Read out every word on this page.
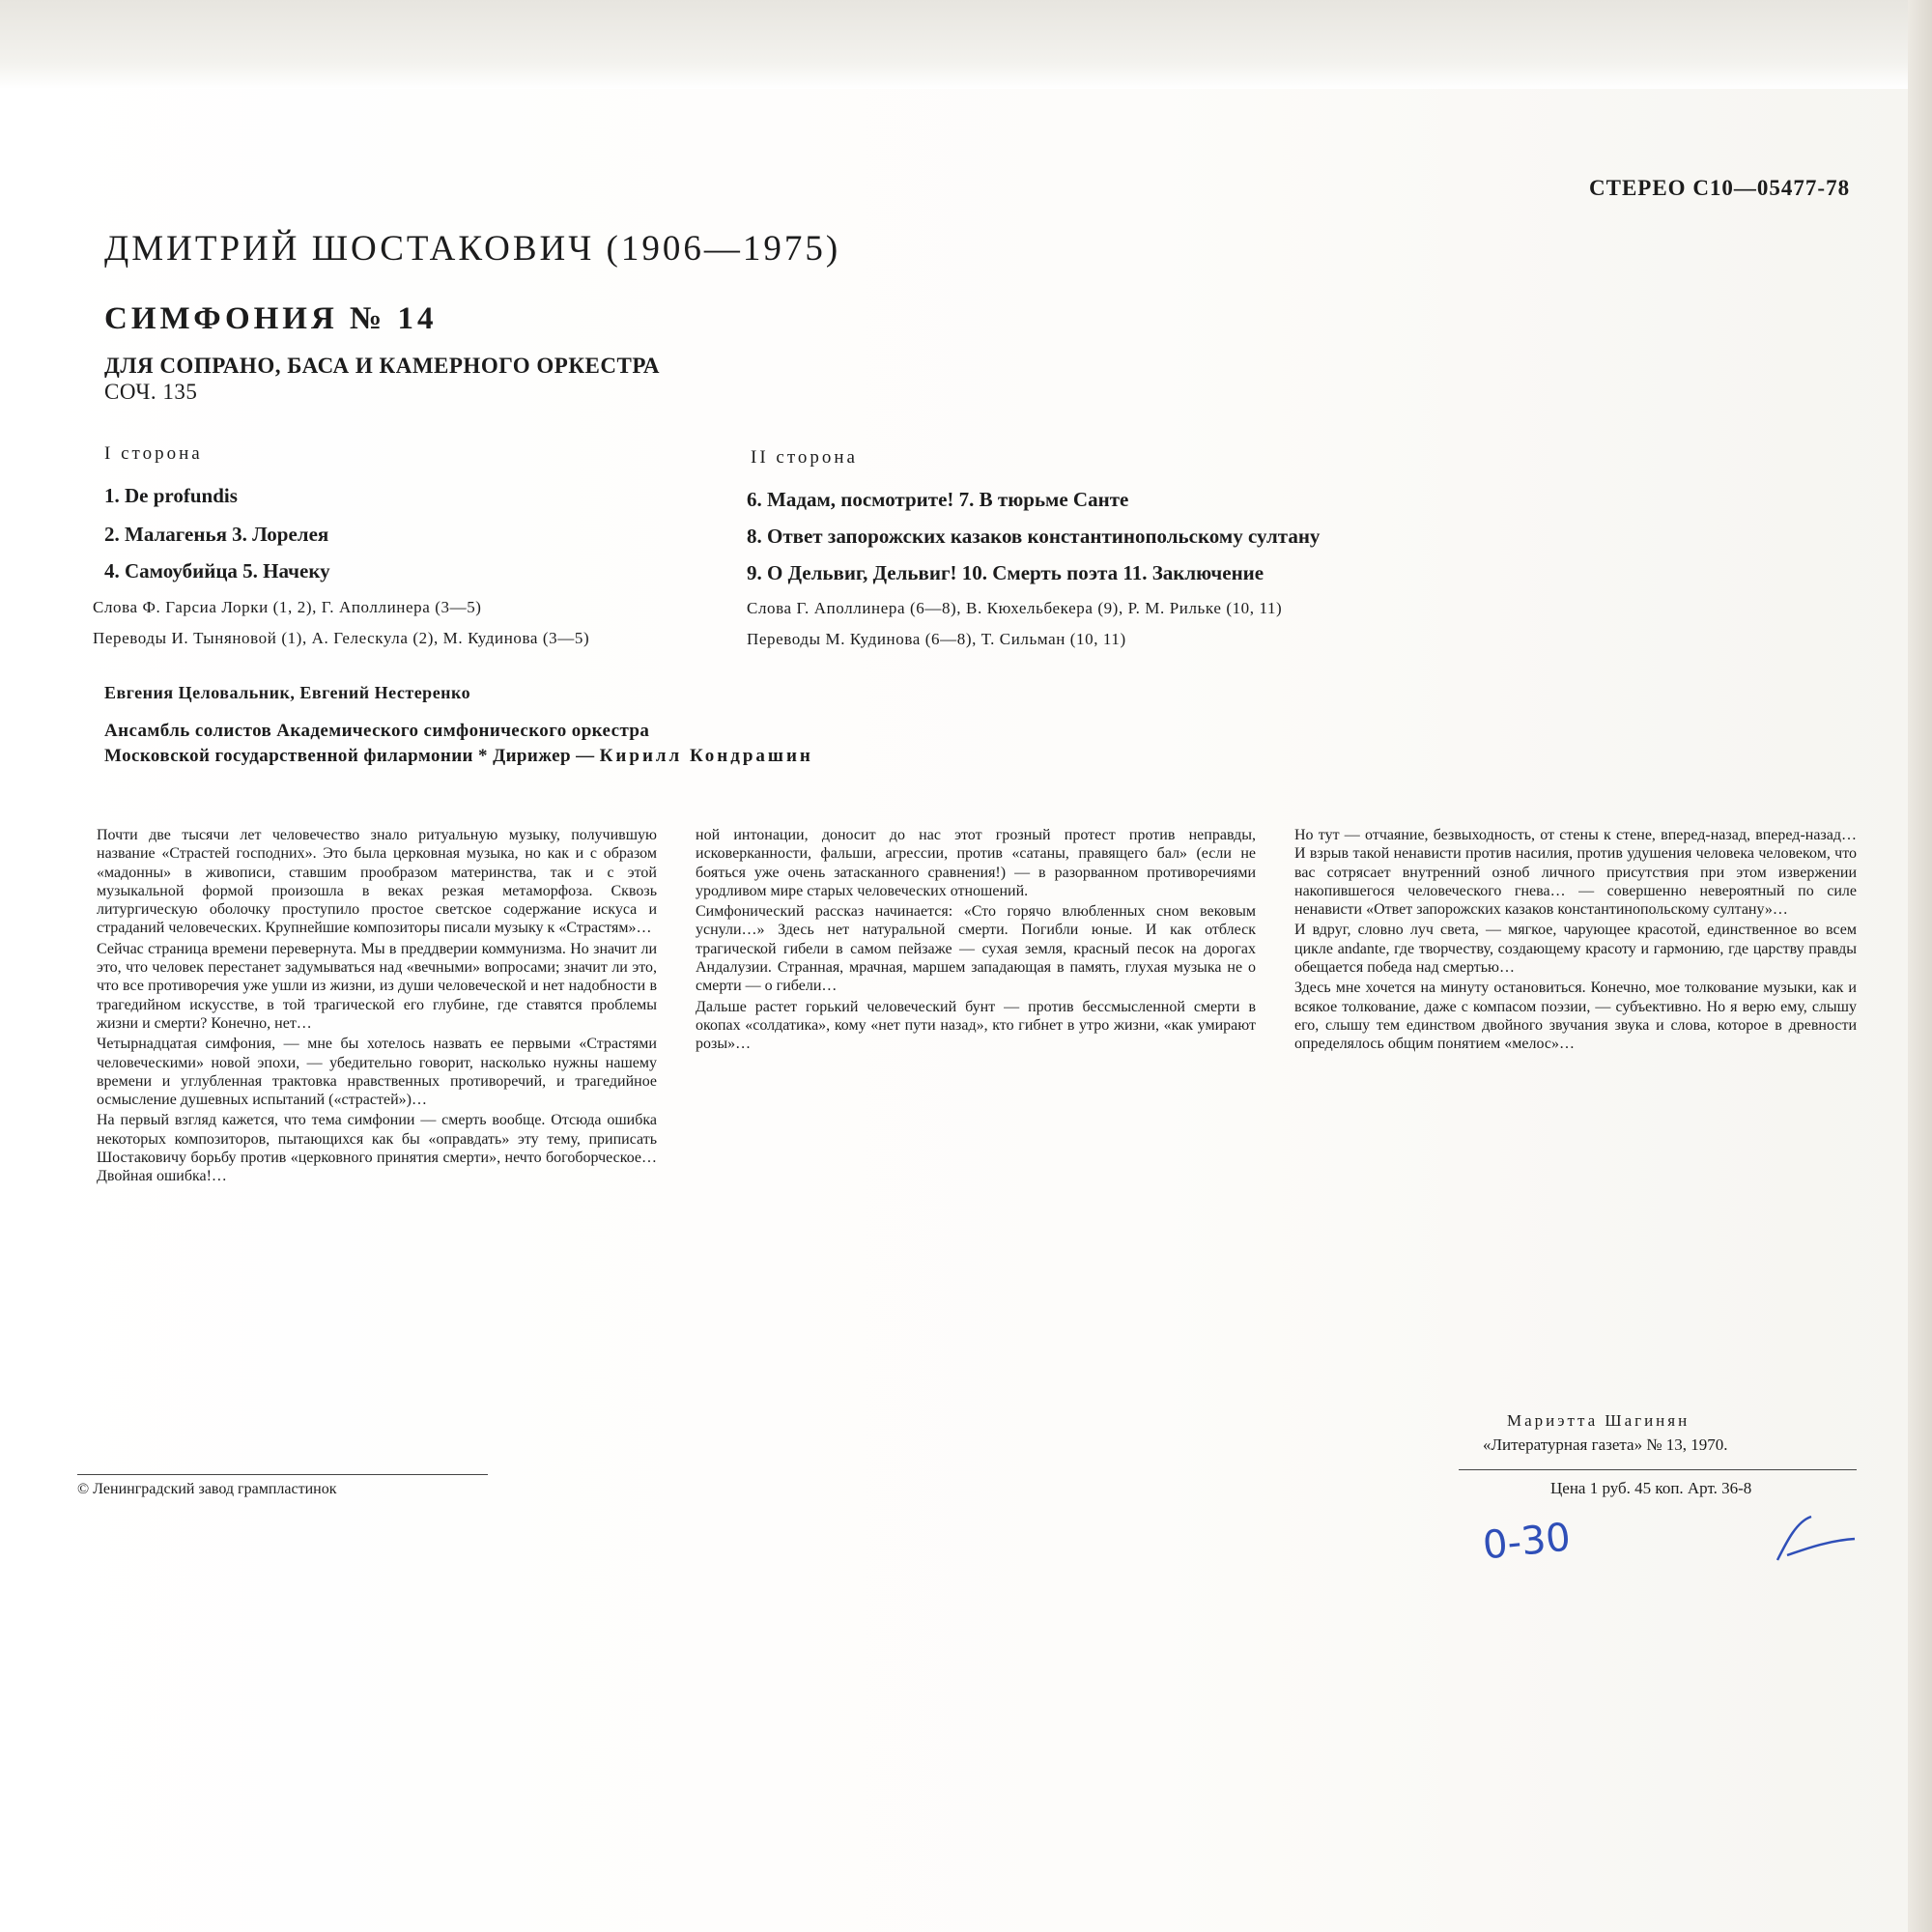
СТЕРЕО С10—05477-78
ДМИТРИЙ ШОСТАКОВИЧ (1906—1975)
СИМФОНИЯ № 14
ДЛЯ СОПРАНО, БАСА И КАМЕРНОГО ОРКЕСТРА
СОЧ. 135
I сторона
1. De profundis
2. Малагенья 3. Лорелея
4. Самоубийца 5. Начеку
Слова Ф. Гарсиа Лорки (1, 2), Г. Аполлинера (3—5)
Переводы И. Тыняновой (1), А. Гелескула (2), М. Кудинова (3—5)
II сторона
6. Мадам, посмотрите! 7. В тюрьме Санте
8. Ответ запорожских казаков константинопольскому султану
9. О Дельвиг, Дельвиг! 10. Смерть поэта 11. Заключение
Слова Г. Аполлинера (6—8), В. Кюхельбекера (9), Р. М. Рильке (10, 11)
Переводы М. Кудинова (6—8), Т. Сильман (10, 11)
Евгения Целовальник, Евгений Нестеренко
Ансамбль солистов Академического симфонического оркестра
Московской государственной филармонии * Дирижер — Кирилл Кондрашин

Почти две тысячи лет человечество знало ритуальную музыку, получившую название «Страстей господних». Это была церковная музыка, но как и с образом «мадонны» в живописи, ставшим прообразом материнства, так и с этой музыкальной формой произошла в веках резкая метаморфоза. Сквозь литургическую оболочку проступило простое светское содержание искуса и страданий человеческих. Крупнейшие композиторы писали музыку к «Страстям»…

Сейчас страница времени перевернута. Мы в преддверии коммунизма. Но значит ли это, что человек перестанет задумываться над «вечными» вопросами; значит ли это, что все противоречия уже ушли из жизни, из души человеческой и нет надобности в трагедийном искусстве, в той трагической его глубине, где ставятся проблемы жизни и смерти? Конечно, нет…

Четырнадцатая симфония, — мне бы хотелось назвать ее первыми «Страстями человеческими» новой эпохи, — убедительно говорит, насколько нужны нашему времени и углубленная трактовка нравственных противоречий, и трагедийное осмысление душевных испытаний («страстей»)…

На первый взгляд кажется, что тема симфонии — смерть вообще. Отсюда ошибка некоторых композиторов, пытающихся как бы «оправдать» эту тему, приписать Шостаковичу борьбу против «церковного принятия смерти», нечто богоборческое… Двойная ошибка!…

ной интонации, доносит до нас этот грозный протест против неправды, исковерканности, фальши, агрессии, против «сатаны, правящего бал» (если не бояться уже очень затасканного сравнения!) — в разорванном противоречиями уродливом мире старых человеческих отношений.

Симфонический рассказ начинается: «Сто горячо влюбленных сном вековым уснули…» Здесь нет натуральной смерти. Погибли юные. И как отблеск трагической гибели в самом пейзаже — сухая земля, красный песок на дорогах Андалузии. Странная, мрачная, маршем западающая в память, глухая музыка не о смерти — о гибели…

Дальше растет горький человеческий бунт — против бессмысленной смерти в окопах «солдатика», кому «нет пути назад», кто гибнет в утро жизни, «как умирают розы»…

Но тут — отчаяние, безвыходность, от стены к стене, вперед-назад, вперед-назад… И взрыв такой ненависти против насилия, против удушения человека человеком, что вас сотрясает внутренний озноб личного присутствия при этом извержении накопившегося человеческого гнева… — совершенно невероятный по силе ненависти «Ответ запорожских казаков константинопольскому султану»…

И вдруг, словно луч света, — мягкое, чарующее красотой, единственное во всем цикле andante, где творчеству, создающему красоту и гармонию, где царству правды обещается победа над смертью…

Здесь мне хочется на минуту остановиться. Конечно, мое толкование музыки, как и всякое толкование, даже с компасом поэзии, — субъективно. Но я верю ему, слышу его, слышу тем единством двойного звучания звука и слова, которое в древности определялось общим понятием «мелос»…

Мариэтта Шагинян
«Литературная газета» № 13, 1970.
Цена 1 руб. 45 коп. Арт. 36-8
© Ленинградский завод грампластинок
0-30
